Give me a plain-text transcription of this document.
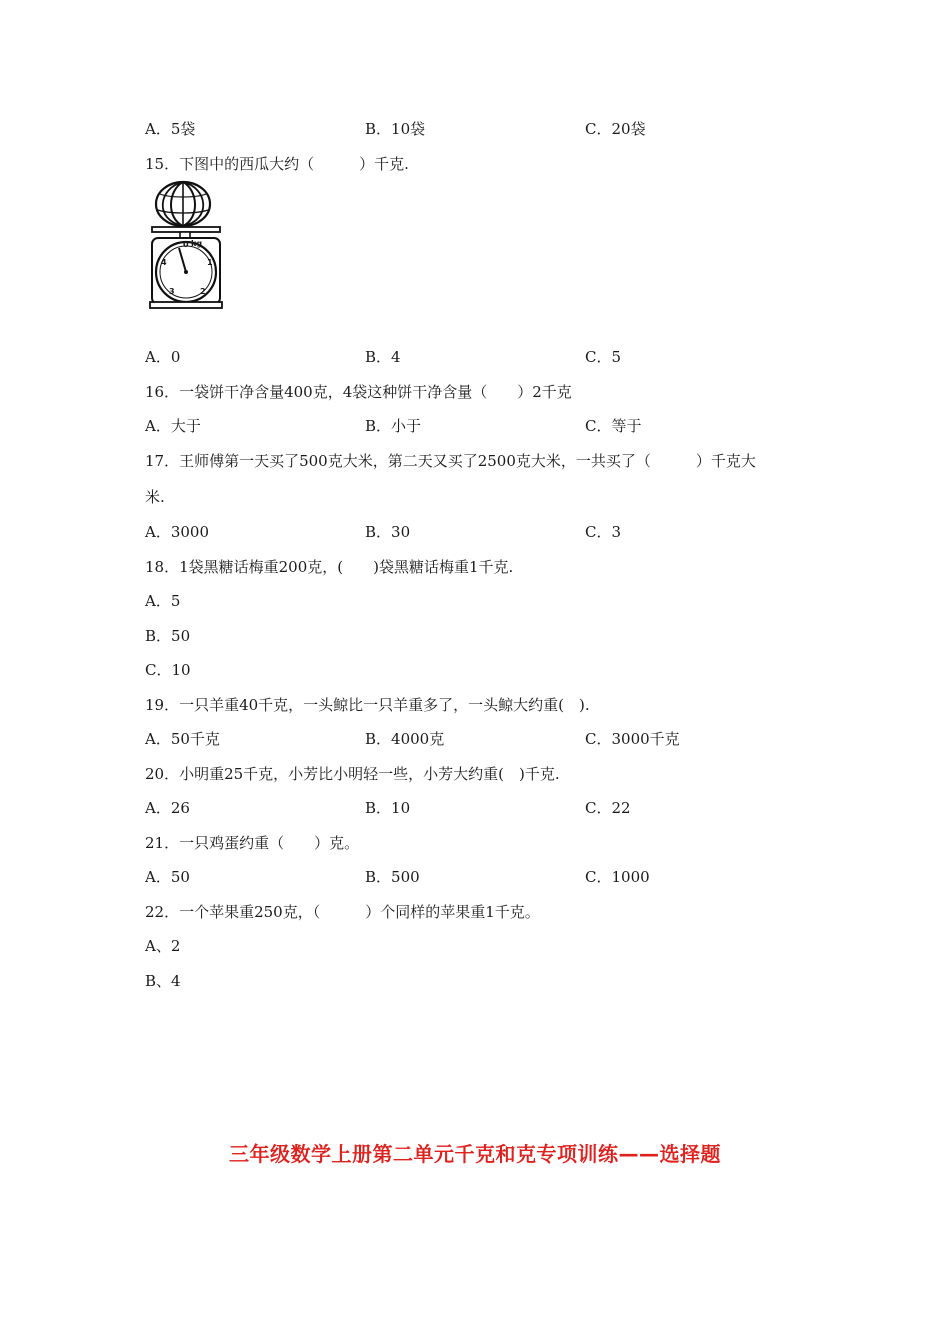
A．5袋	B．10袋	C．20袋
15．下图中的西瓜大约（　　　）千克.
kg
0
1
2
3
4
A．0	B．4	C．5
16．一袋饼干净含量400克，4袋这种饼干净含量（　　）2千克
A．大于	B．小于	C．等于
17．王师傅第一天买了500克大米，第二天又买了2500克大米，一共买了（　　　）千克大
米.
A．3000	B．30	C．3
18．1袋黑糖话梅重200克，(　　)袋黑糖话梅重1千克.
A．5
B．50
C．10
19．一只羊重40千克，一头鲸比一只羊重多了，一头鲸大约重(　).
A．50千克	B．4000克	C．3000千克
20．小明重25千克，小芳比小明轻一些，小芳大约重(　)千克.
A．26	B．10	C．22
21．一只鸡蛋约重（　　）克。
A．50	B．500	C．1000
22．一个苹果重250克，（　　　）个同样的苹果重1千克。
A、2
B、4
三年级数学上册第二单元千克和克专项训练——选择题
